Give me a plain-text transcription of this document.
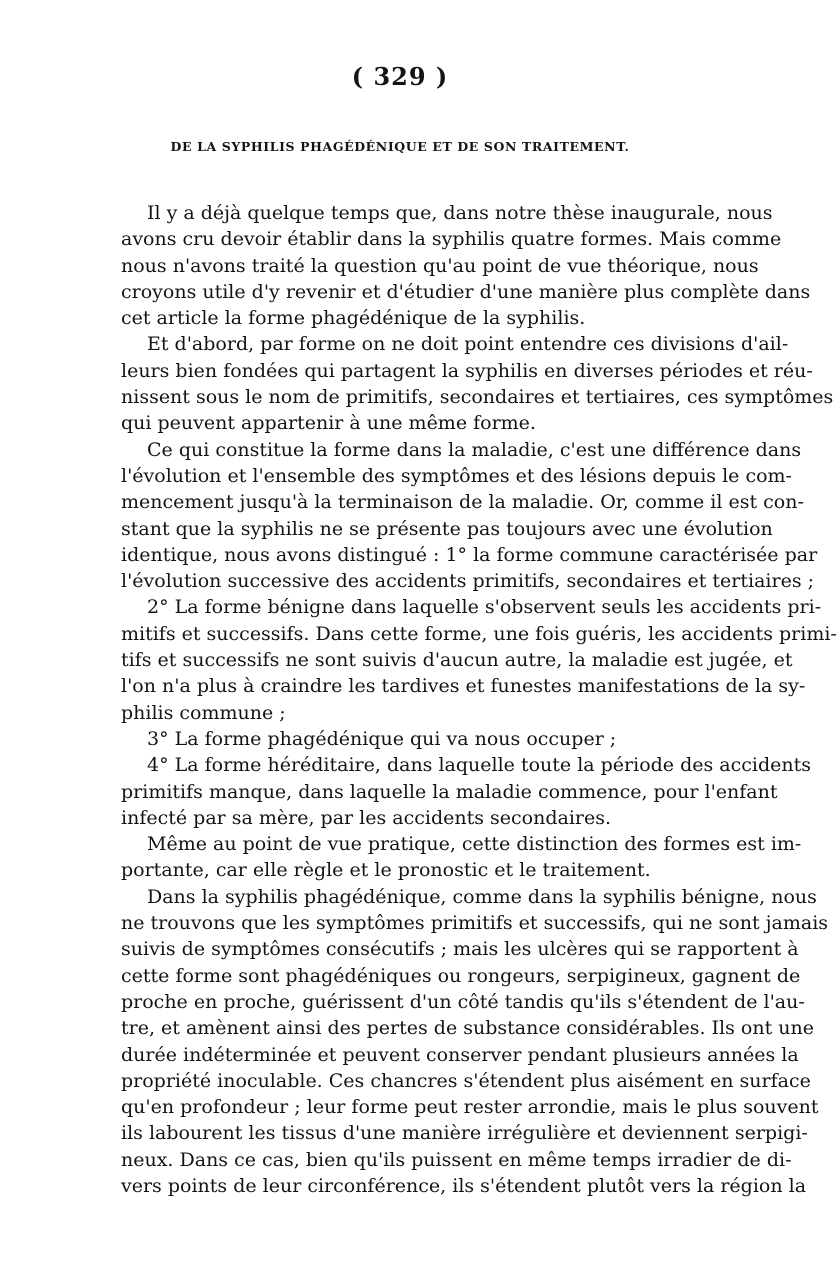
( 329 )
DE LA SYPHILIS PHAGÉDÉNIQUE ET DE SON TRAITEMENT.
Il y a déjà quelque temps que, dans notre thèse inaugurale, nous
avons cru devoir établir dans la syphilis quatre formes. Mais comme
nous n'avons traité la question qu'au point de vue théorique, nous
croyons utile d'y revenir et d'étudier d'une manière plus complète dans
cet article la forme phagédénique de la syphilis.
Et d'abord, par forme on ne doit point entendre ces divisions d'ail-
leurs bien fondées qui partagent la syphilis en diverses périodes et réu-
nissent sous le nom de primitifs, secondaires et tertiaires, ces symptômes
qui peuvent appartenir à une même forme.
Ce qui constitue la forme dans la maladie, c'est une différence dans
l'évolution et l'ensemble des symptômes et des lésions depuis le com-
mencement jusqu'à la terminaison de la maladie. Or, comme il est con-
stant que la syphilis ne se présente pas toujours avec une évolution
identique, nous avons distingué : 1° la forme commune caractérisée par
l'évolution successive des accidents primitifs, secondaires et tertiaires ;
2° La forme bénigne dans laquelle s'observent seuls les accidents pri-
mitifs et successifs. Dans cette forme, une fois guéris, les accidents primi-
tifs et successifs ne sont suivis d'aucun autre, la maladie est jugée, et
l'on n'a plus à craindre les tardives et funestes manifestations de la sy-
philis commune ;
3° La forme phagédénique qui va nous occuper ;
4° La forme héréditaire, dans laquelle toute la période des accidents
primitifs manque, dans laquelle la maladie commence, pour l'enfant
infecté par sa mère, par les accidents secondaires.
Même au point de vue pratique, cette distinction des formes est im-
portante, car elle règle et le pronostic et le traitement.
Dans la syphilis phagédénique, comme dans la syphilis bénigne, nous
ne trouvons que les symptômes primitifs et successifs, qui ne sont jamais
suivis de symptômes consécutifs ; mais les ulcères qui se rapportent à
cette forme sont phagédéniques ou rongeurs, serpigineux, gagnent de
proche en proche, guérissent d'un côté tandis qu'ils s'étendent de l'au-
tre, et amènent ainsi des pertes de substance considérables. Ils ont une
durée indéterminée et peuvent conserver pendant plusieurs années la
propriété inoculable. Ces chancres s'étendent plus aisément en surface
qu'en profondeur ; leur forme peut rester arrondie, mais le plus souvent
ils labourent les tissus d'une manière irrégulière et deviennent serpigi-
neux. Dans ce cas, bien qu'ils puissent en même temps irradier de di-
vers points de leur circonférence, ils s'étendent plutôt vers la région la
